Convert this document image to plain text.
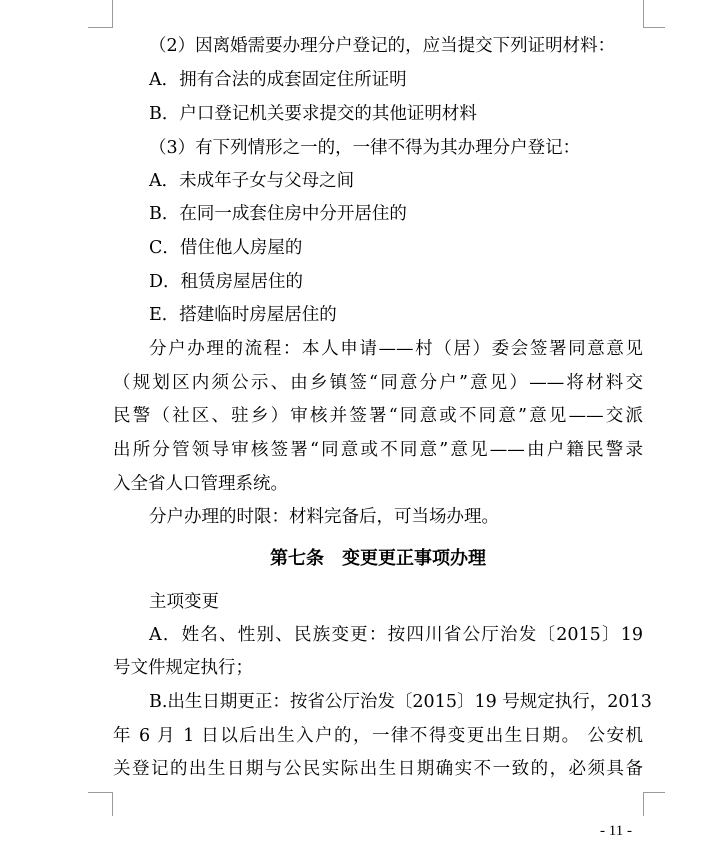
（2）因离婚需要办理分户登记的，应当提交下列证明材料：
A．拥有合法的成套固定住所证明
B．户口登记机关要求提交的其他证明材料
（3）有下列情形之一的，一律不得为其办理分户登记：
A．未成年子女与父母之间
B．在同一成套住房中分开居住的
C．借住他人房屋的
D．租赁房屋居住的
E．搭建临时房屋居住的
分户办理的流程：本人申请——村（居）委会签署同意意见
（规划区内须公示、由乡镇签“同意分户”意见）——将材料交
民警（社区、驻乡）审核并签署“同意或不同意”意见——交派
出所分管领导审核签署“同意或不同意”意见——由户籍民警录
入全省人口管理系统。
分户办理的时限：材料完备后，可当场办理。
第七条　变更更正事项办理
主项变更
A．姓名、性别、民族变更：按四川省公厅治发〔2015〕19
号文件规定执行；
B.出生日期更正：按省公厅治发〔2015〕19 号规定执行，2013
年 6 月 1 日以后出生入户的，一律不得变更出生日期。 公安机
关登记的出生日期与公民实际出生日期确实不一致的，必须具备
- 11 -
